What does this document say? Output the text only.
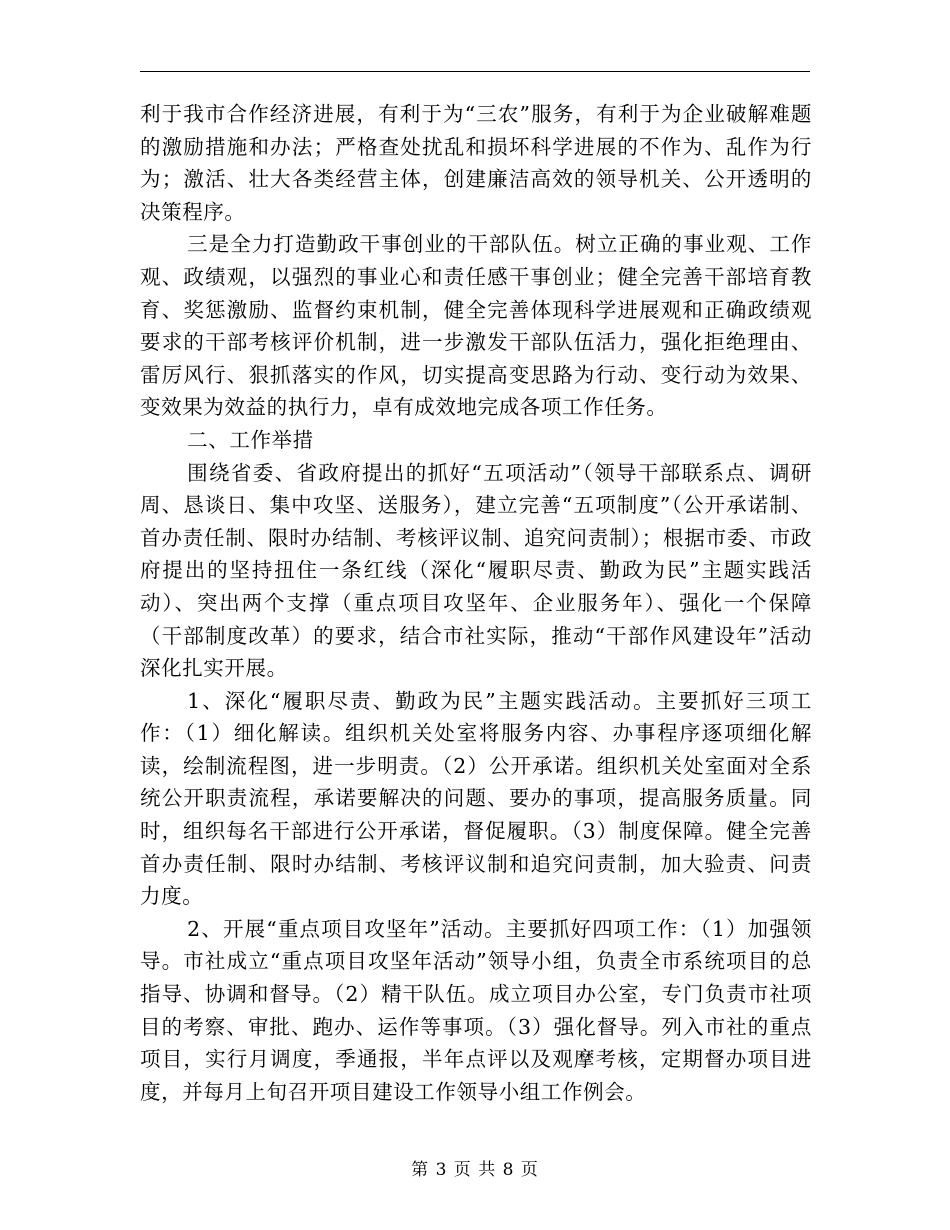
利于我市合作经济进展，有利于为“三农”服务，有利于为企业破解难题的激励措施和办法；严格查处扰乱和损坏科学进展的不作为、乱作为行为；激活、壮大各类经营主体，创建廉洁高效的领导机关、公开透明的决策程序。

三是全力打造勤政干事创业的干部队伍。树立正确的事业观、工作观、政绩观，以强烈的事业心和责任感干事创业；健全完善干部培育教育、奖惩激励、监督约束机制，健全完善体现科学进展观和正确政绩观要求的干部考核评价机制，进一步激发干部队伍活力，强化拒绝理由、雷厉风行、狠抓落实的作风，切实提高变思路为行动、变行动为效果、变效果为效益的执行力，卓有成效地完成各项工作任务。

二、工作举措

围绕省委、省政府提出的抓好“五项活动”（领导干部联系点、调研周、恳谈日、集中攻坚、送服务），建立完善“五项制度”（公开承诺制、首办责任制、限时办结制、考核评议制、追究问责制）；根据市委、市政府提出的坚持扭住一条红线（深化“履职尽责、勤政为民”主题实践活动）、突出两个支撑（重点项目攻坚年、企业服务年）、强化一个保障（干部制度改革）的要求，结合市社实际，推动“干部作风建设年”活动深化扎实开展。

1、深化“履职尽责、勤政为民”主题实践活动。主要抓好三项工作：（1）细化解读。组织机关处室将服务内容、办事程序逐项细化解读，绘制流程图，进一步明责。（2）公开承诺。组织机关处室面对全系统公开职责流程，承诺要解决的问题、要办的事项，提高服务质量。同时，组织每名干部进行公开承诺，督促履职。（3）制度保障。健全完善首办责任制、限时办结制、考核评议制和追究问责制，加大验责、问责力度。

2、开展“重点项目攻坚年”活动。主要抓好四项工作：（1）加强领导。市社成立“重点项目攻坚年活动”领导小组，负责全市系统项目的总指导、协调和督导。（2）精干队伍。成立项目办公室，专门负责市社项目的考察、审批、跑办、运作等事项。（3）强化督导。列入市社的重点项目，实行月调度，季通报，半年点评以及观摩考核，定期督办项目进度，并每月上旬召开项目建设工作领导小组工作例会。

第 3 页 共 8 页
